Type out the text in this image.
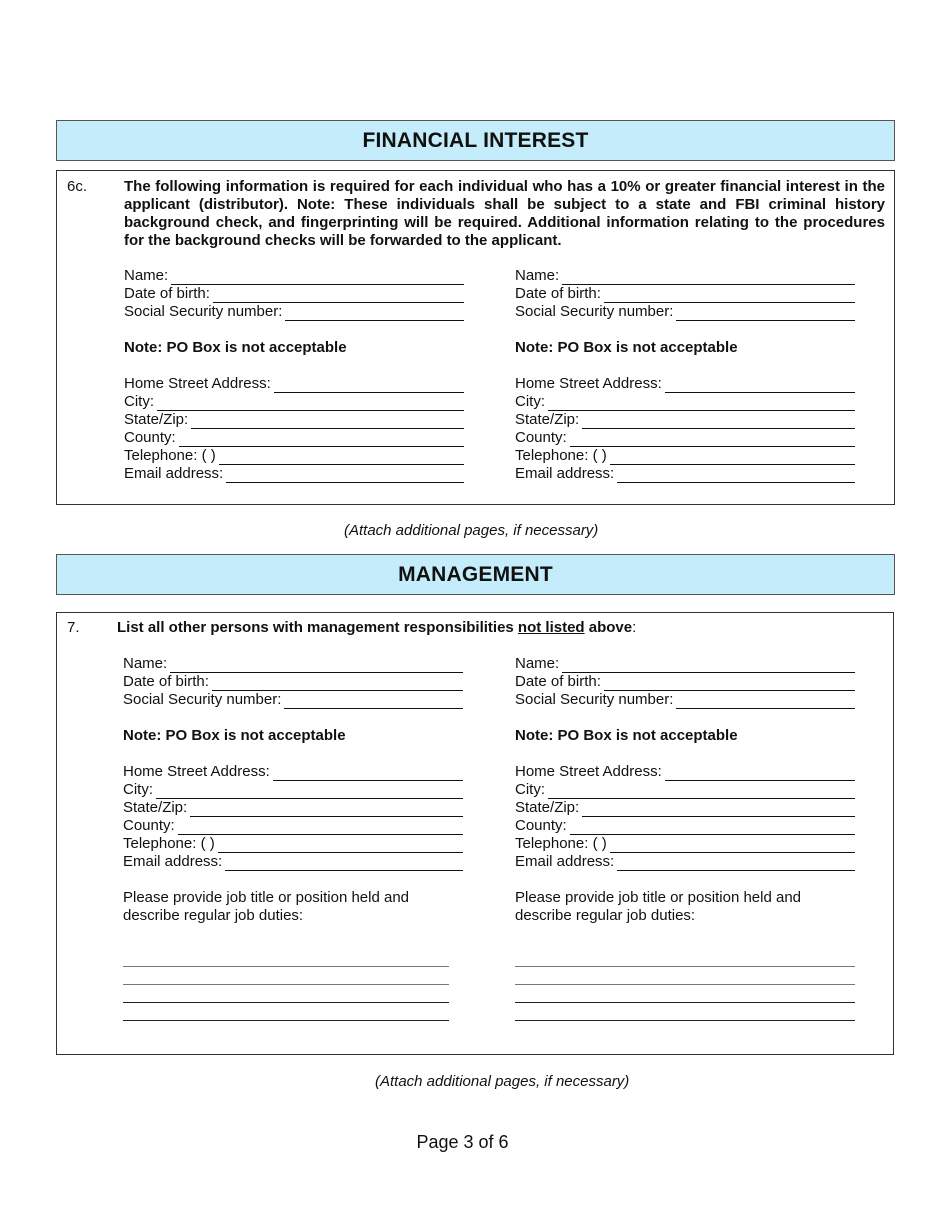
FINANCIAL INTEREST
6c. The following information is required for each individual who has a 10% or greater financial interest in the applicant (distributor). Note: These individuals shall be subject to a state and FBI criminal history background check, and fingerprinting will be required. Additional information relating to the procedures for the background checks will be forwarded to the applicant.
Name:
Date of birth:
Social Security number:
Note: PO Box is not acceptable
Home Street Address:
City:
State/Zip:
County:
Telephone:
( )
Email address:
Name:
Date of birth:
Social Security number:
Note: PO Box is not acceptable
Home Street Address:
City:
State/Zip:
County:
Telephone:
( )
Email address:
(Attach additional pages, if necessary)
MANAGEMENT
7. List all other persons with management responsibilities not listed above:
Name:
Date of birth:
Social Security number:
Note: PO Box is not acceptable
Home Street Address:
City:
State/Zip:
County:
Telephone:
( )
Email address:
Please provide job title or position held and describe regular job duties:
Name:
Date of birth:
Social Security number:
Note: PO Box is not acceptable
Home Street Address:
City:
State/Zip:
County:
Telephone:
( )
Email address:
Please provide job title or position held and describe regular job duties:
(Attach additional pages, if necessary)
Page 3 of 6
